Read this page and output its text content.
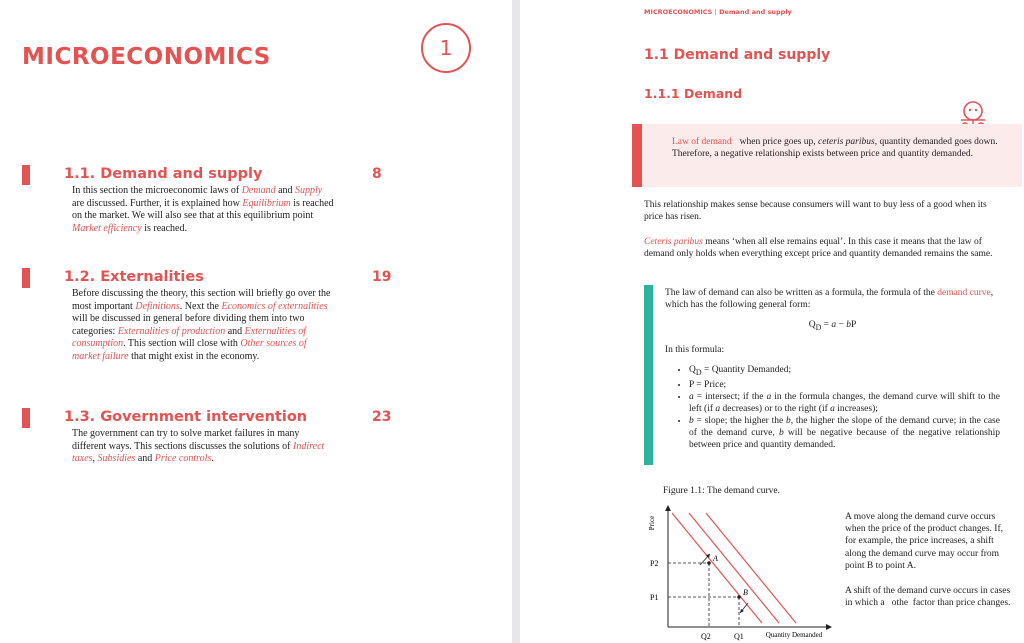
MICROECONOMICS	1
1.1. Demand and supply	8
In this section the microeconomic laws of Demand and Supply are discussed. Further, it is explained how Equilibrium is reached on the market. We will also see that at this equilibrium point Market efficiency is reached.
1.2. Externalities	19
Before discussing the theory, this section will briefly go over the most important Definitions. Next the Economics of externalities will be discussed in general before dividing them into two categories: Externalities of production and Externalities of consumption. This section will close with Other sources of market failure that might exist in the economy.
1.3. Government intervention	23
The government can try to solve market failures in many different ways. This sections discusses the solutions of Indirect taxes, Subsidies and Price controls.
MICROECONOMICS | Demand and supply
1.1 Demand and supply
1.1.1 Demand
Law of demand when price goes up, ceteris paribus, quantity demanded goes down. Therefore, a negative relationship exists between price and quantity demanded.
This relationship makes sense because consumers will want to buy less of a good when its price has risen.
Ceteris paribus means ‘when all else remains equal’. In this case it means that the law of demand only holds when everything except price and quantity demanded remains the same.
The law of demand can also be written as a formula, the formula of the demand curve, which has the following general form:
$Q_D = a$ − bP
In this formula:
• $Q_D$ = Quantity Demanded;
• P = Price;
• a = intersect; if the a in the formula changes, the demand curve will shift to the left (if a decreases) or to the right (if a increases);
• b = slope; the higher the b, the higher the slope of the demand curve; in the case of the demand curve, b will be negative because of the negative relationship between price and quantity demanded.
Figure 1.1: The demand curve.
Price
Quantity Demanded
A
B
P2
P1
Q2	Q1
A move along the demand curve occurs when the price of the product changes. If, for example, the price increases, a shift along the demand curve may occur from point B to point A.
A shift of the demand curve occurs in cases in which a   othe  factor than price changes.
